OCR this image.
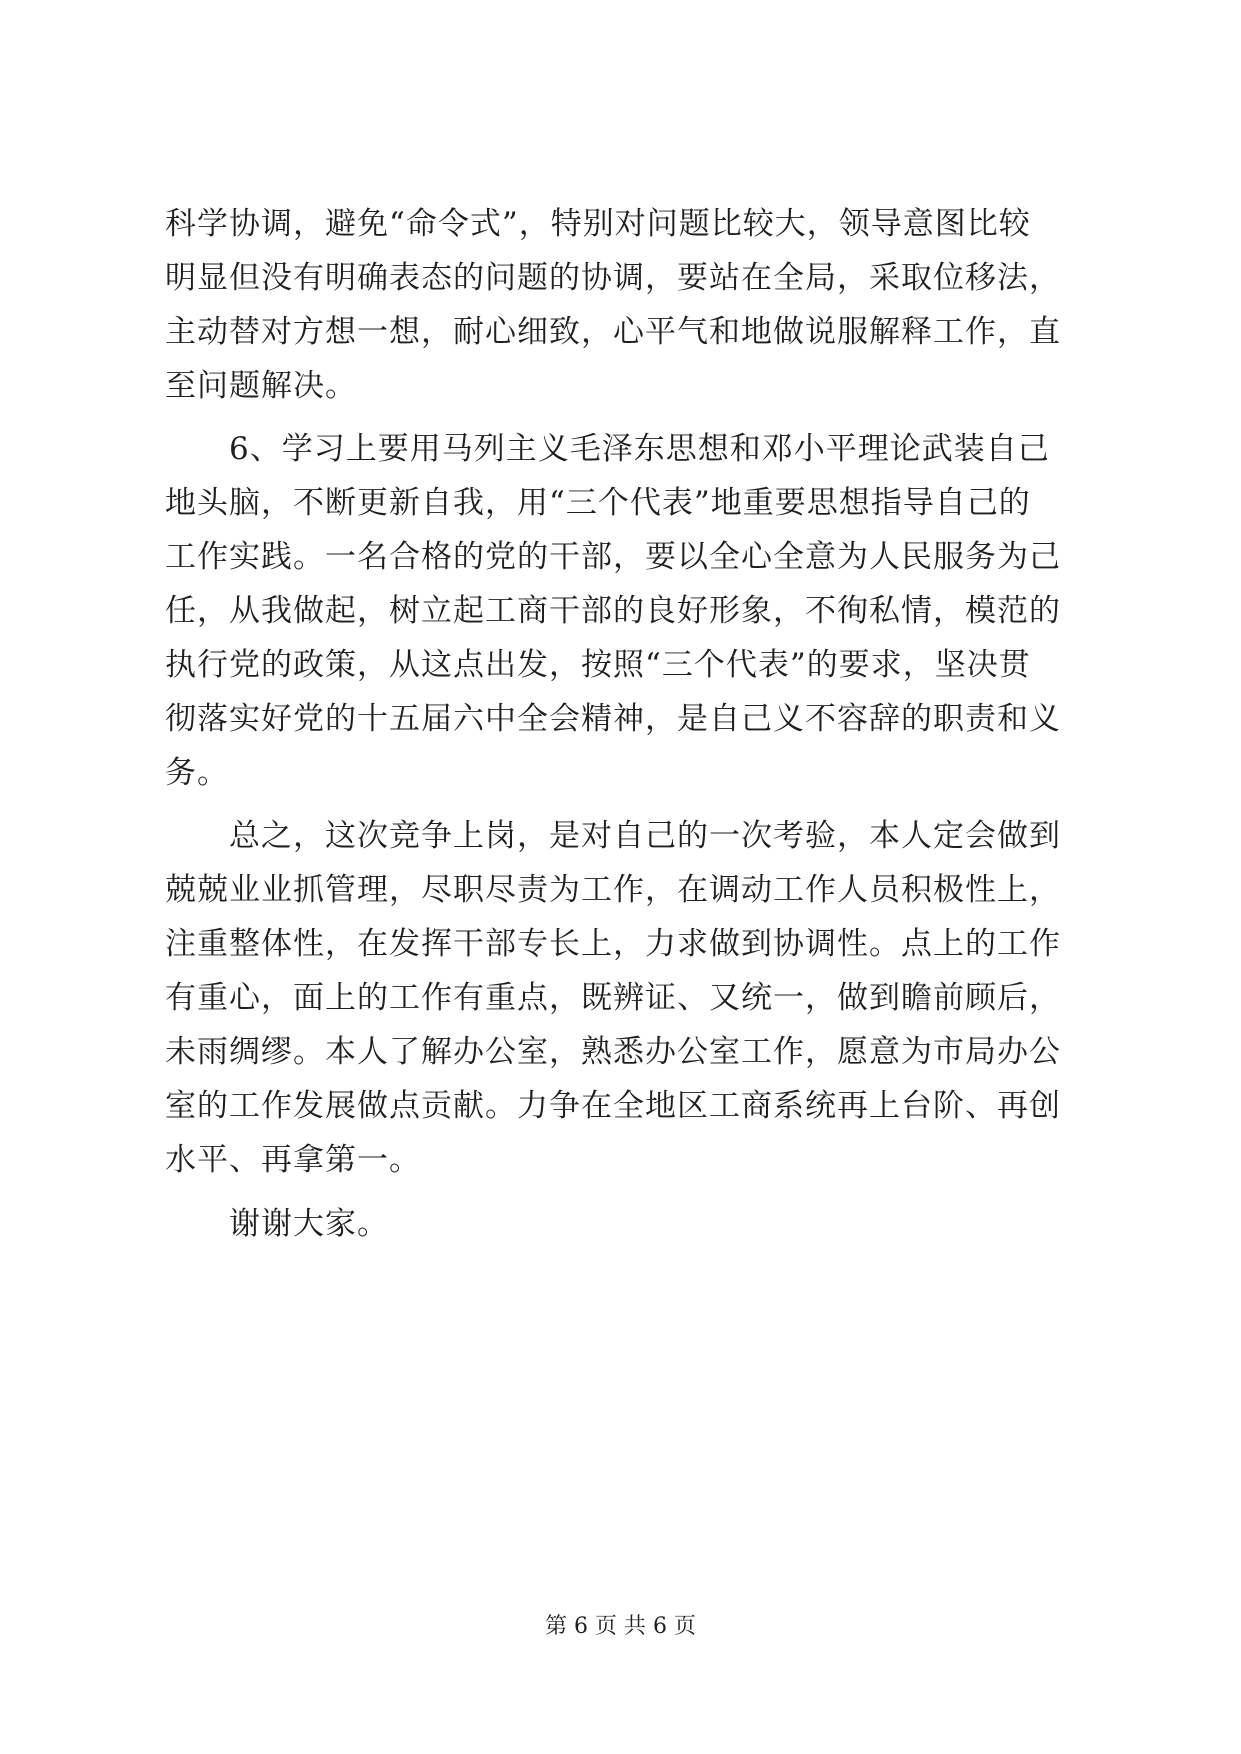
科学协调，避免“命令式”，特别对问题比较大，领导意图比较
明显但没有明确表态的问题的协调，要站在全局，采取位移法，
主动替对方想一想，耐心细致，心平气和地做说服解释工作，直
至问题解决。
　　6、学习上要用马列主义毛泽东思想和邓小平理论武装自己
地头脑，不断更新自我，用“三个代表”地重要思想指导自己的
工作实践。一名合格的党的干部，要以全心全意为人民服务为己
任，从我做起，树立起工商干部的良好形象，不徇私情，模范的
执行党的政策，从这点出发，按照“三个代表”的要求，坚决贯
彻落实好党的十五届六中全会精神，是自己义不容辞的职责和义
务。
　　总之，这次竞争上岗，是对自己的一次考验，本人定会做到
兢兢业业抓管理，尽职尽责为工作，在调动工作人员积极性上，
注重整体性，在发挥干部专长上，力求做到协调性。点上的工作
有重心，面上的工作有重点，既辨证、又统一，做到瞻前顾后，
未雨绸缪。本人了解办公室，熟悉办公室工作，愿意为市局办公
室的工作发展做点贡献。力争在全地区工商系统再上台阶、再创
水平、再拿第一。
　　谢谢大家。
第 6 页 共 6 页
